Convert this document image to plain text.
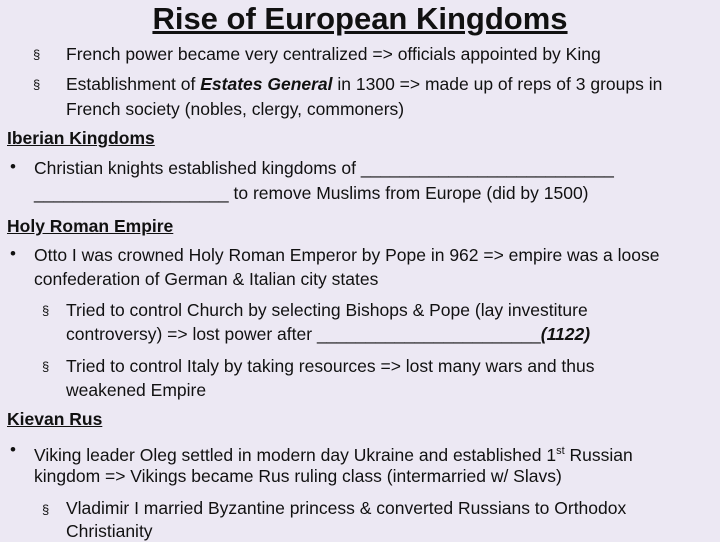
Rise of European Kingdoms
§ French power became very centralized => officials appointed by King
§ Establishment of Estates General in 1300 => made up of reps of 3 groups in
French society (nobles, clergy, commoners)
Iberian Kingdoms
• Christian knights established kingdoms of __________________________
____________________ to remove Muslims from Europe (did by 1500)
Holy Roman Empire
• Otto I was crowned Holy Roman Emperor by Pope in 962 => empire was a loose
confederation of German & Italian city states
§ Tried to control Church by selecting Bishops & Pope (lay investiture
controversy) => lost power after _______________________(1122)
§ Tried to control Italy by taking resources => lost many wars and thus
weakened Empire
Kievan Rus
• Viking leader Oleg settled in modern day Ukraine and established 1st Russian
kingdom => Vikings became Rus ruling class (intermarried w/ Slavs)
§ Vladimir I married Byzantine princess & converted Russians to Orthodox
Christianity
